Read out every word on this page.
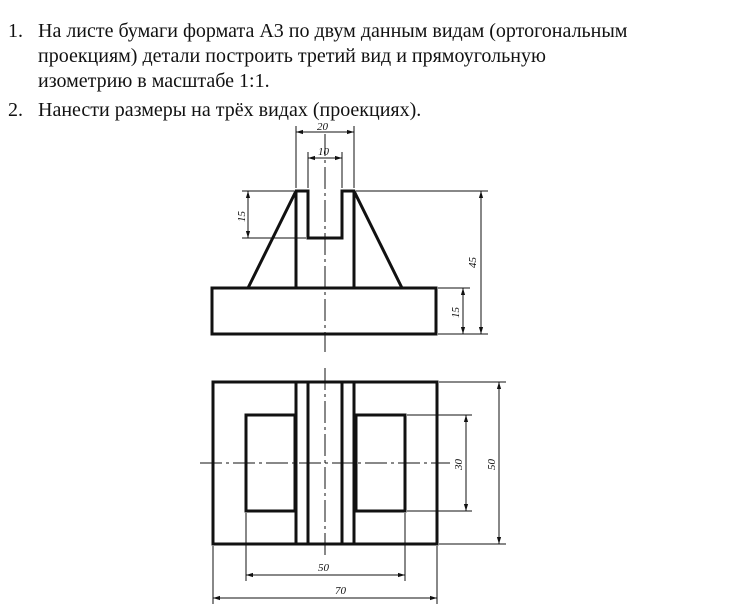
1. На листе бумаги формата А3 по двум данным видам (ортогональным
проекциям) детали построить третий вид и прямоугольную
изометрию в масштабе 1:1.
2. Нанести размеры на трёх видах (проекциях).
20
10
15
45
15
30 50
50
70
